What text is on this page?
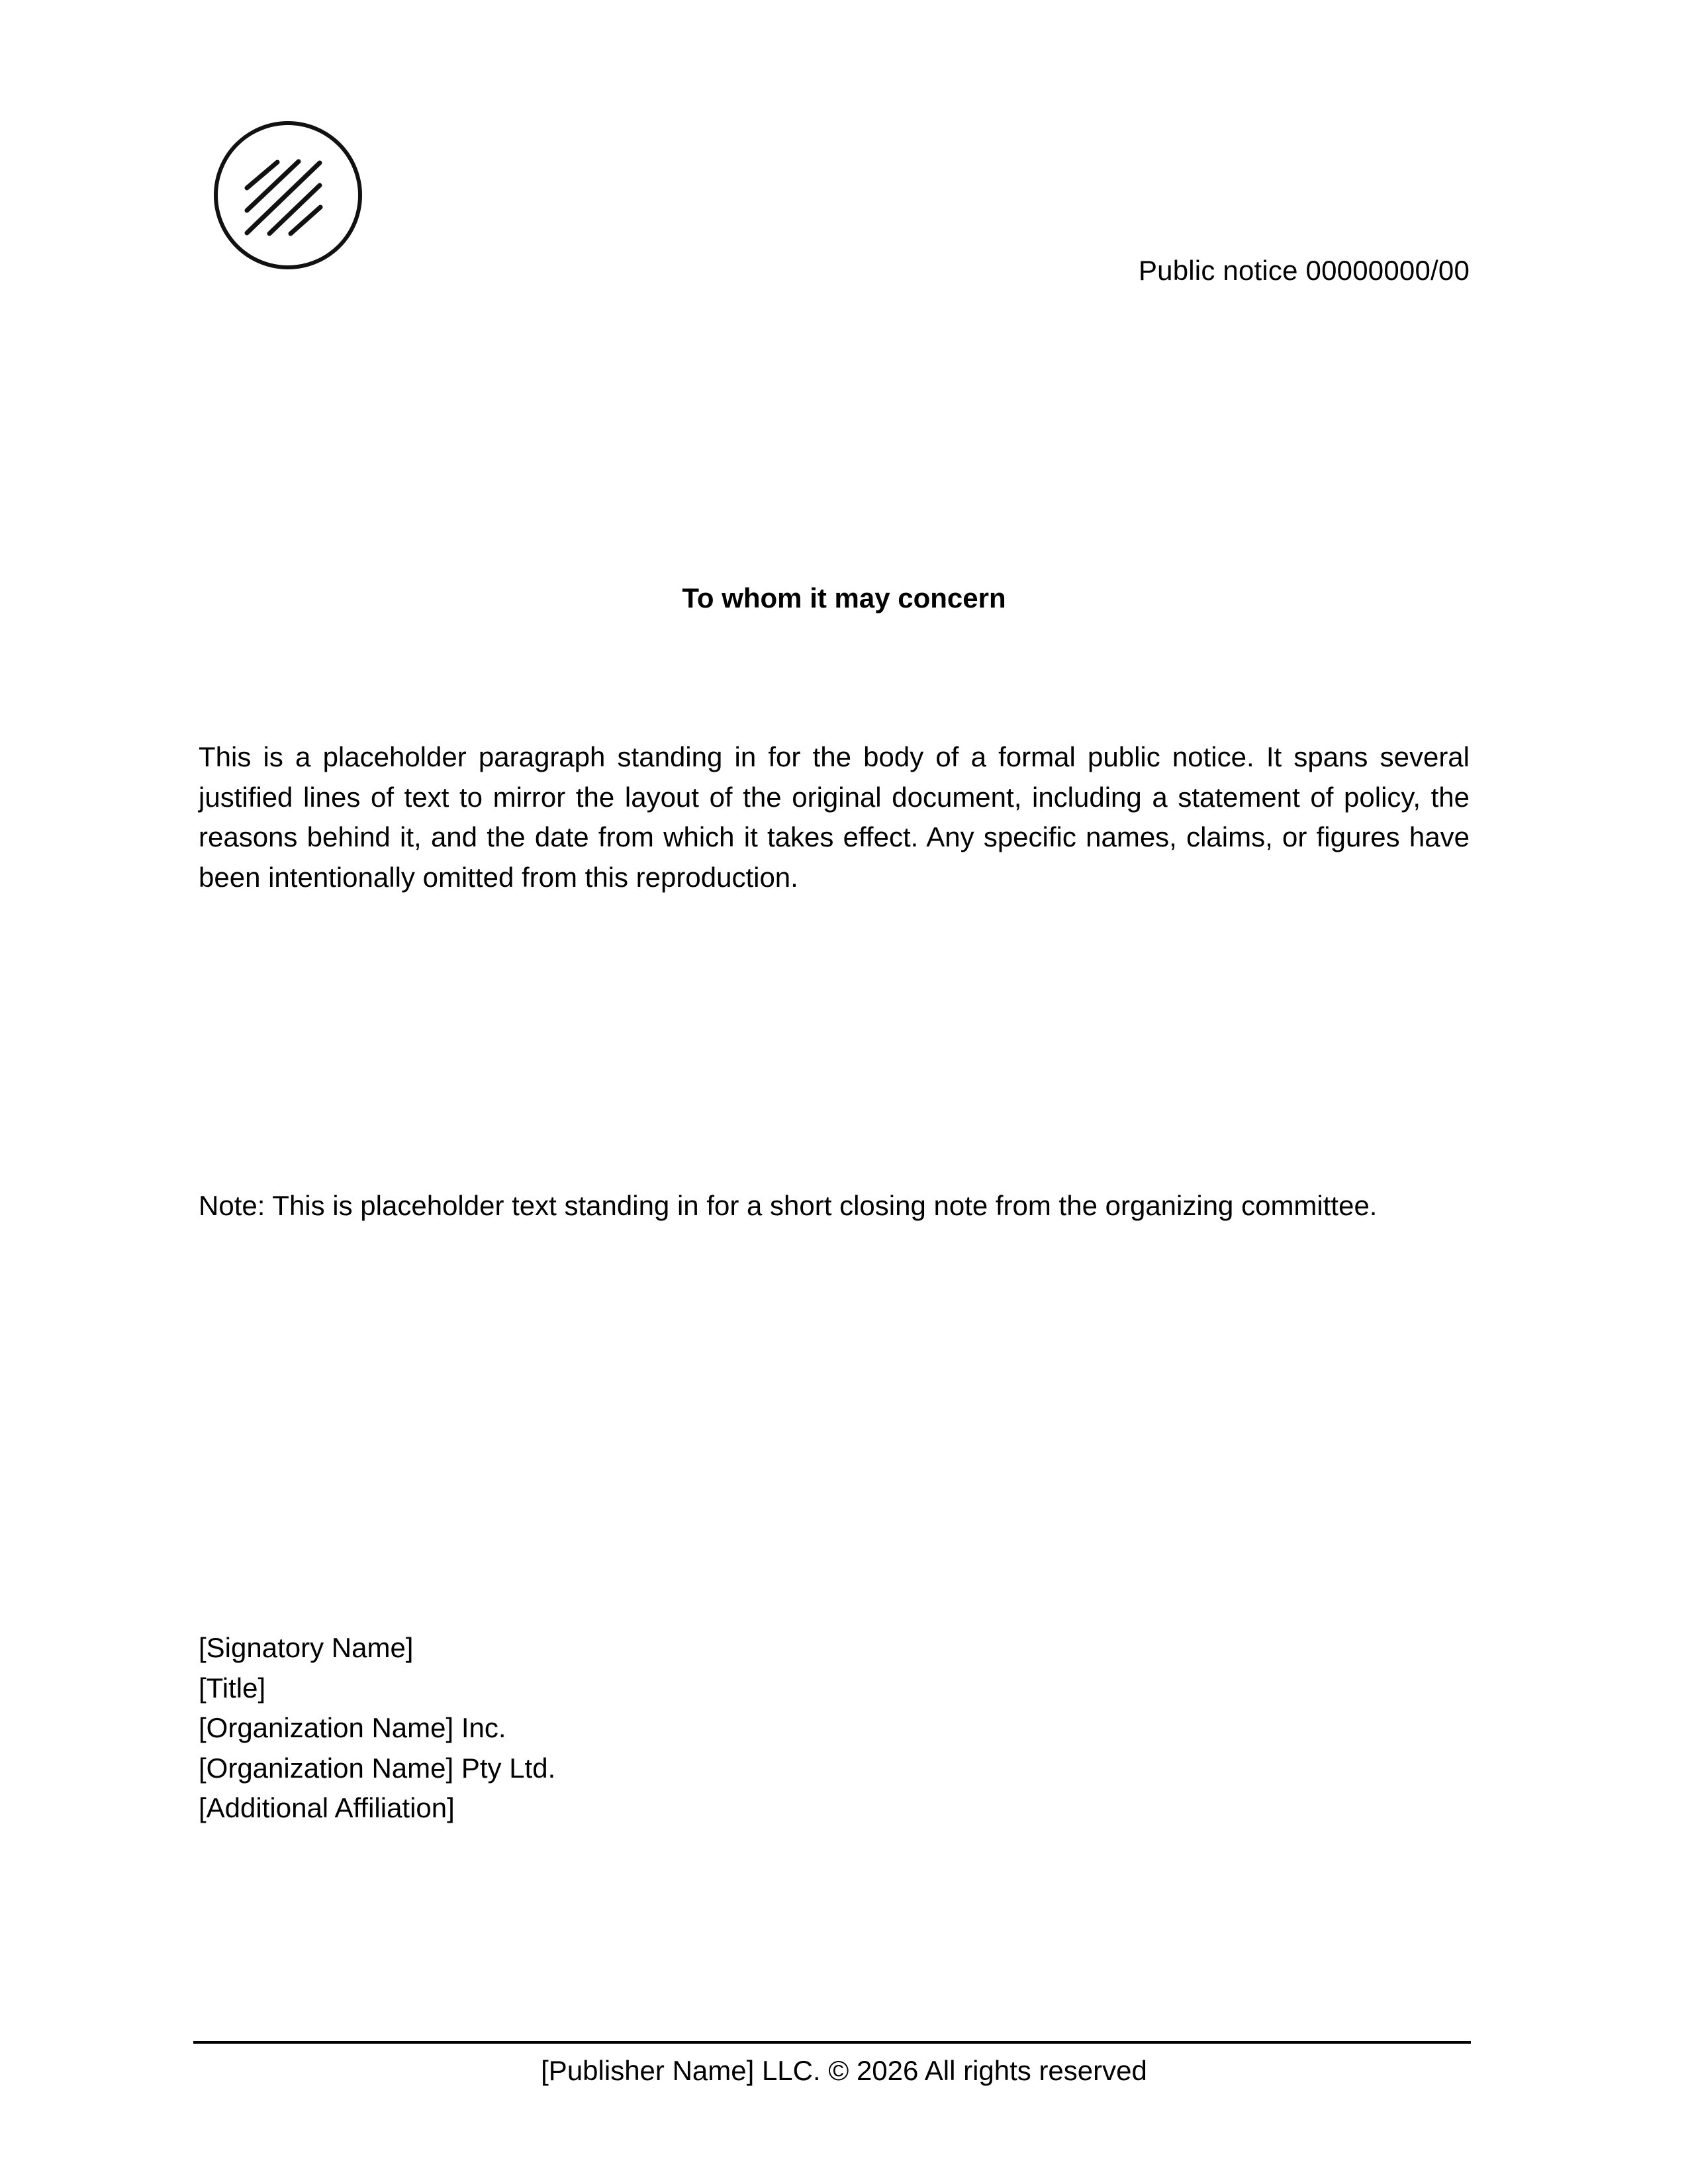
Public notice 00000000/00
To whom it may concern

This is a placeholder paragraph standing in for the body of a formal public notice. It spans several justified lines of text to mirror the layout of the original document, including a statement of policy, the reasons behind it, and the date from which it takes effect. Any specific names, claims, or figures have been intentionally omitted from this reproduction.

Note: This is placeholder text standing in for a short closing note from the organizing committee.

[Signatory Name]
[Title]
[Organization Name] Inc.
[Organization Name] Pty Ltd.
[Additional Affiliation]
[Publisher Name] LLC. © 2026 All rights reserved
